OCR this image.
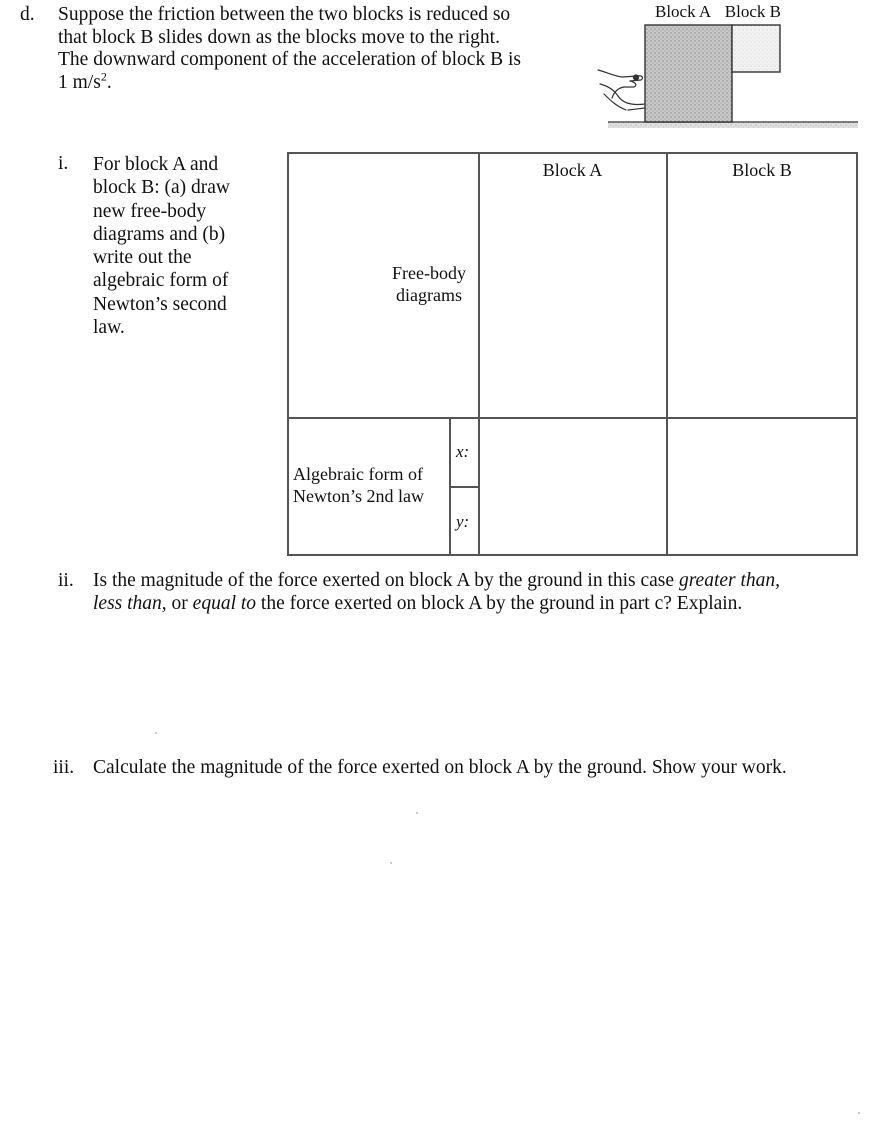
d. Suppose the friction between the two blocks is reduced so
that block B slides down as the blocks move to the right.
The downward component of the acceleration of block B is
1 $m/s^2$.
Block A Block B
i. For block A and
block B: (a) draw
new free-body
diagrams and (b)
write out the
algebraic form of
Newton’s second
law.
Block A	Block B
Free-body
diagrams
Algebraic form of
Newton’s 2nd law
x:
y:
ii. Is the magnitude of the force exerted on block A by the ground in this case greater than,
less than, or equal to the force exerted on block A by the ground in part c? Explain.
iii. Calculate the magnitude of the force exerted on block A by the ground. Show your work.
